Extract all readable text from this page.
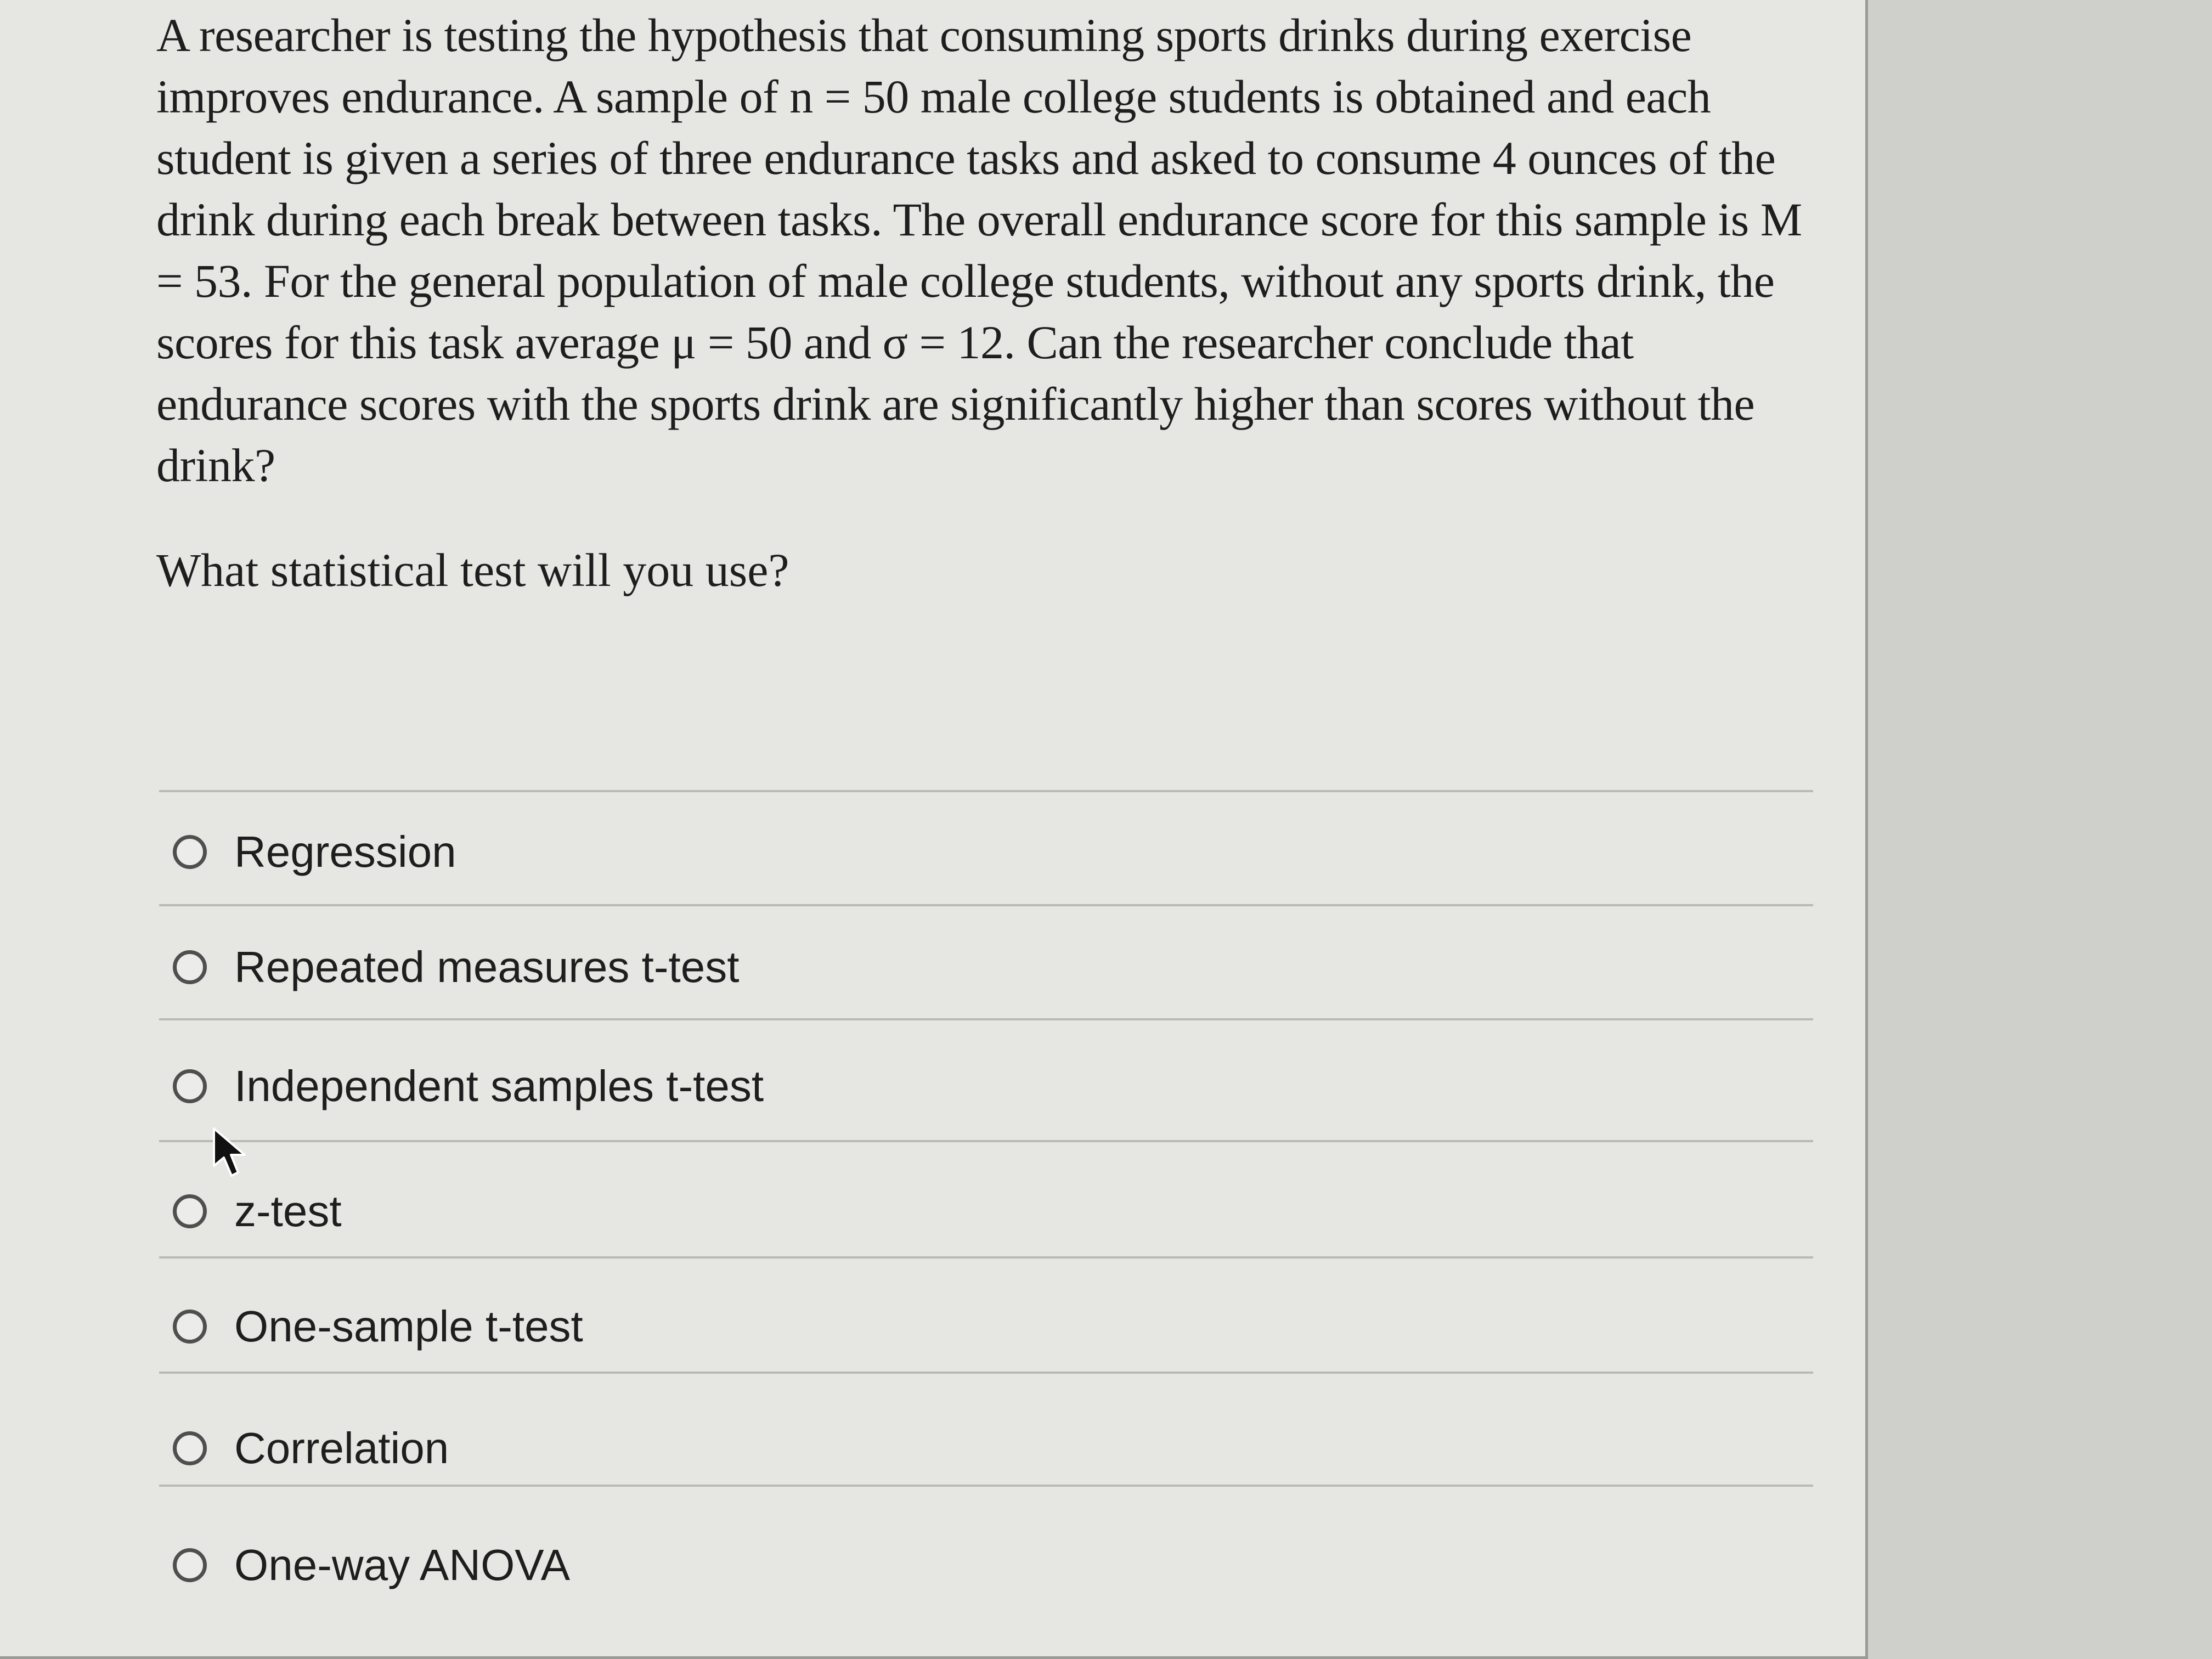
A researcher is testing the hypothesis that consuming sports drinks during exercise improves endurance. A sample of n = 50 male college students is obtained and each student is given a series of three endurance tasks and asked to consume 4 ounces of the drink during each break between tasks. The overall endurance score for this sample is M = 53. For the general population of male college students, without any sports drink, the scores for this task average μ = 50 and σ = 12. Can the researcher conclude that endurance scores with the sports drink are significantly higher than scores without the drink?

What statistical test will you use?

Regression
Repeated measures t-test
Independent samples t-test
z-test
One-sample t-test
Correlation
One-way ANOVA
